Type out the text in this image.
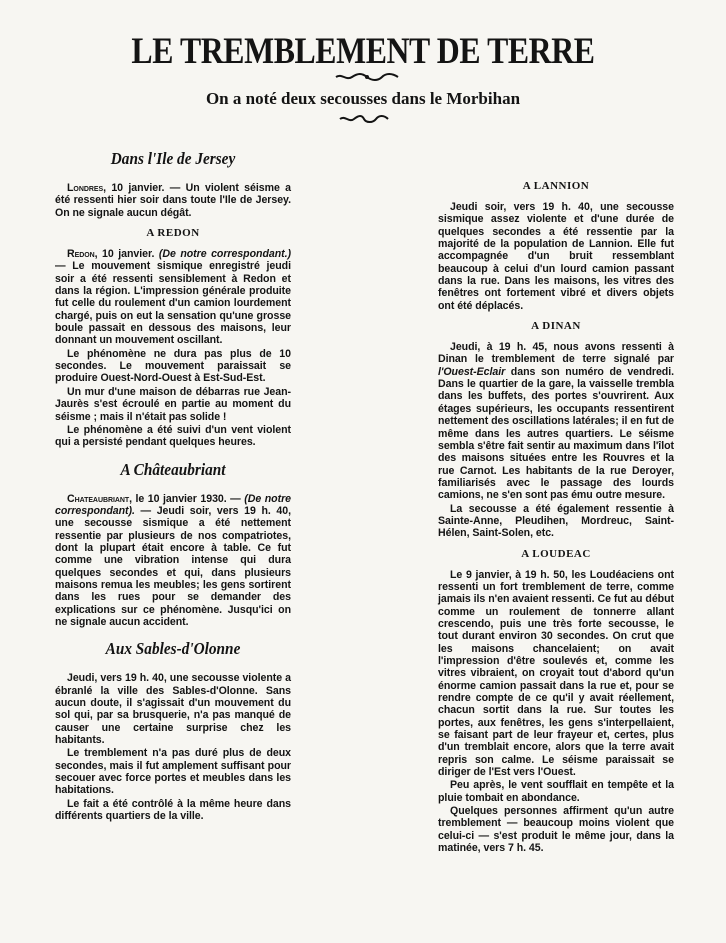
LE TREMBLEMENT DE TERRE
On a noté deux secousses dans le Morbihan
Dans l'Ile de Jersey

Londres, 10 janvier. — Un violent séisme a été ressenti hier soir dans toute l'Ile de Jersey. On ne signale aucun dégât.

A REDON

Redon, 10 janvier. (De notre correspondant.) — Le mouvement sismique enregistré jeudi soir a été ressenti sensiblement à Redon et dans la région. L'impression générale produite fut celle du roulement d'un camion lourdement chargé, puis on eut la sensation qu'une grosse boule passait en dessous des maisons, leur donnant un mouvement oscillant.

Le phénomène ne dura pas plus de 10 secondes. Le mouvement paraissait se produire Ouest-Nord-Ouest à Est-Sud-Est.

Un mur d'une maison de débarras rue Jean-Jaurès s'est écroulé en partie au moment du séisme ; mais il n'était pas solide !

Le phénomène a été suivi d'un vent violent qui a persisté pendant quelques heures.

A Châteaubriant

Chateaubriant, le 10 janvier 1930. — (De notre correspondant). — Jeudi soir, vers 19 h. 40, une secousse sismique a été nettement ressentie par plusieurs de nos compatriotes, dont la plupart était encore à table. Ce fut comme une vibration intense qui dura quelques secondes et qui, dans plusieurs maisons remua les meubles; les gens sortirent dans les rues pour se demander des explications sur ce phénomène. Jusqu'ici on ne signale aucun accident.

Aux Sables-d'Olonne

Jeudi, vers 19 h. 40, une secousse violente a ébranlé la ville des Sables-d'Olonne. Sans aucun doute, il s'agissait d'un mouvement du sol qui, par sa brusquerie, n'a pas manqué de causer une certaine surprise chez les habitants.

Le tremblement n'a pas duré plus de deux secondes, mais il fut amplement suffisant pour secouer avec force portes et meubles dans les habitations.

Le fait a été contrôlé à la même heure dans différents quartiers de la ville.

A LANNION

Jeudi soir, vers 19 h. 40, une secousse sismique assez violente et d'une durée de quelques secondes a été ressentie par la majorité de la population de Lannion. Elle fut accompagnée d'un bruit ressemblant beaucoup à celui d'un lourd camion passant dans la rue. Dans les maisons, les vitres des fenêtres ont fortement vibré et divers objets ont été déplacés.

A DINAN

Jeudi, à 19 h. 45, nous avons ressenti à Dinan le tremblement de terre signalé par l'Ouest-Eclair dans son numéro de vendredi. Dans le quartier de la gare, la vaisselle trembla dans les buffets, des portes s'ouvrirent. Aux étages supérieurs, les occupants ressentirent nettement des oscillations latérales; il en fut de même dans les autres quartiers. Le séisme sembla s'être fait sentir au maximum dans l'îlot des maisons situées entre les Rouvres et la rue Carnot. Les habitants de la rue Deroyer, familiarisés avec le passage des lourds camions, ne s'en sont pas ému outre mesure.

La secousse a été également ressentie à Sainte-Anne, Pleudihen, Mordreuc, Saint-Hélen, Saint-Solen, etc.

A LOUDEAC

Le 9 janvier, à 19 h. 50, les Loudéaciens ont ressenti un fort tremblement de terre, comme jamais ils n'en avaient ressenti. Ce fut au début comme un roulement de tonnerre allant crescendo, puis une très forte secousse, le tout durant environ 30 secondes. On crut que les maisons chancelaient; on avait l'impression d'être soulevés et, comme les vitres vibraient, on croyait tout d'abord qu'un énorme camion passait dans la rue et, pour se rendre compte de ce qu'il y avait réellement, chacun sortit dans la rue. Sur toutes les portes, aux fenêtres, les gens s'interpellaient, se faisant part de leur frayeur et, certes, plus d'un tremblait encore, alors que la terre avait repris son calme. Le séisme paraissait se diriger de l'Est vers l'Ouest.

Peu après, le vent soufflait en tempête et la pluie tombait en abondance.

Quelques personnes affirment qu'un autre tremblement — beaucoup moins violent que celui-ci — s'est produit le même jour, dans la matinée, vers 7 h. 45.
